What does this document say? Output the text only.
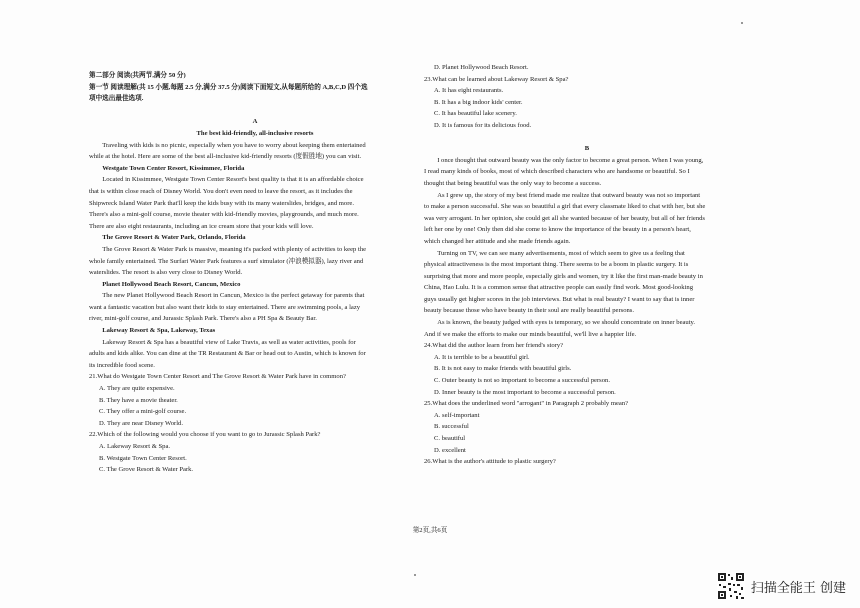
第二部分 阅读(共两节,满分 50 分)
第一节 阅读理解(共 15 小题,每题 2.5 分,满分 37.5 分)阅读下面短文,从每题所给的 A,B,C,D 四个选
项中选出最佳选项.
A
The best kid-friendly, all-inclusive resorts
Traveling with kids is no picnic, especially when you have to worry about keeping them entertained
while at the hotel. Here are some of the best all-inclusive kid-friendly resorts (度假胜地) you can visit.
Westgate Town Center Resort, Kissimmee, Florida
Located in Kissimmee, Westgate Town Center Resort's best quality is that it is an affordable choice
that is within close reach of Disney World. You don't even need to leave the resort, as it includes the
Shipwreck Island Water Park that'll keep the kids busy with its many waterslides, bridges, and more.
There's also a mini-golf course, movie theater with kid-friendly movies, playgrounds, and much more.
There are also eight restaurants, including an ice cream store that your kids will love.
The Grove Resort & Water Park, Orlando, Florida
The Grove Resort & Water Park is massive, meaning it's packed with plenty of activities to keep the
whole family entertained. The Surfari Water Park features a surf simulator (冲浪模拟器), lazy river and
waterslides. The resort is also very close to Disney World.
Planet Hollywood Beach Resort, Cancun, Mexico
The new Planet Hollywood Beach Resort in Cancun, Mexico is the perfect getaway for parents that
want a fantastic vacation but also want their kids to stay entertained. There are swimming pools, a lazy
river, mini-golf course, and Jurassic Splash Park. There's also a PH Spa & Beauty Bar.
Lakeway Resort & Spa, Lakeway, Texas
Lakeway Resort & Spa has a beautiful view of Lake Travis, as well as water activities, pools for
adults and kids alike. You can dine at the TR Restaurant & Bar or head out to Austin, which is known for
its incredible food scene.
21.What do Westgate Town Center Resort and The Grove Resort & Water Park have in common?
A. They are quite expensive.
B. They have a movie theater.
C. They offer a mini-golf course.
D. They are near Disney World.
22.Which of the following would you choose if you want to go to Jurassic Splash Park?
A. Lakeway Resort & Spa.
B. Westgate Town Center Resort.
C. The Grove Resort & Water Park.
D. Planet Hollywood Beach Resort.
23.What can be learned about Lakeway Resort & Spa?
A. It has eight restaurants.
B. It has a big indoor kids' center.
C. It has beautiful lake scenery.
D. It is famous for its delicious food.
B
I once thought that outward beauty was the only factor to become a great person. When I was young,
I read many kinds of books, most of which described characters who are handsome or beautiful. So I
thought that being beautiful was the only way to become a success.
As I grew up, the story of my best friend made me realize that outward beauty was not so important
to make a person successful. She was so beautiful a girl that every classmate liked to chat with her, but she
was very arrogant. In her opinion, she could get all she wanted because of her beauty, but all of her friends
left her one by one! Only then did she come to know the importance of the beauty in a person's heart,
which changed her attitude and she made friends again.
Turning on TV, we can see many advertisements, most of which seem to give us a feeling that
physical attractiveness is the most important thing. There seems to be a boom in plastic surgery. It is
surprising that more and more people, especially girls and women, try it like the first man-made beauty in
China, Hao Lulu. It is a common sense that attractive people can easily find work. Most good-looking
guys usually get higher scores in the job interviews. But what is real beauty? I want to say that is inner
beauty because those who have beauty in their soul are really beautiful persons.
As is known, the beauty judged with eyes is temporary, so we should concentrate on inner beauty.
And if we make the efforts to make our minds beautiful, we'll live a happier life.
24.What did the author learn from her friend's story?
A. It is terrible to be a beautiful girl.
B. It is not easy to make friends with beautiful girls.
C. Outer beauty is not so important to become a successful person.
D. Inner beauty is the most important to become a successful person.
25.What does the underlined word "arrogant" in Paragraph 2 probably mean?
A. self-important
B. successful
C. beautiful
D. excellent
26.What is the author's attitude to plastic surgery?
第2页,共6页
扫描全能王 创建
